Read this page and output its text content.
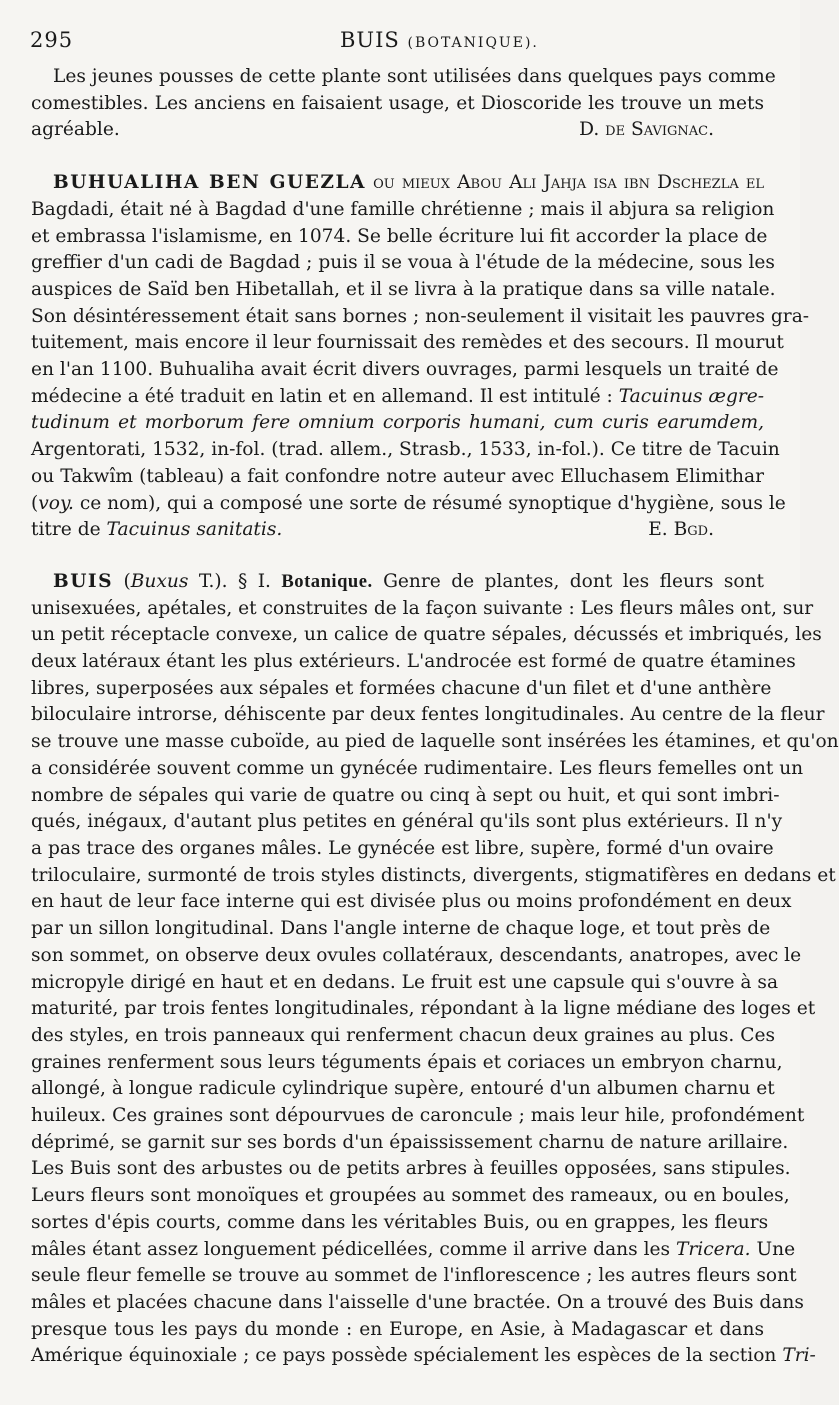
295	BUIS (BOTANIQUE).
Les jeunes pousses de cette plante sont utilisées dans quelques pays comme
comestibles. Les anciens en faisaient usage, et Dioscoride les trouve un mets
agréable.	D. de Savignac.
BUHUALIHA BEN GUEZLA ou mieux Abou Ali Jahja isa ibn Dschezla el
Bagdadi, était né à Bagdad d'une famille chrétienne ; mais il abjura sa religion
et embrassa l'islamisme, en 1074. Se belle écriture lui fit accorder la place de
greffier d'un cadi de Bagdad ; puis il se voua à l'étude de la médecine, sous les
auspices de Saïd ben Hibetallah, et il se livra à la pratique dans sa ville natale.
Son désintéressement était sans bornes ; non-seulement il visitait les pauvres gra-
tuitement, mais encore il leur fournissait des remèdes et des secours. Il mourut
en l'an 1100. Buhualiha avait écrit divers ouvrages, parmi lesquels un traité de
médecine a été traduit en latin et en allemand. Il est intitulé : Tacuinus ægre-
tudinum et morborum fere omnium corporis humani, cum curis earumdem,
Argentorati, 1532, in-fol. (trad. allem., Strasb., 1533, in-fol.). Ce titre de Tacuin
ou Takwîm (tableau) a fait confondre notre auteur avec Elluchasem Elimithar
(voy. ce nom), qui a composé une sorte de résumé synoptique d'hygiène, sous le
titre de Tacuinus sanitatis.	E. Bgd.
BUIS (Buxus T.). § I. Botanique. Genre de plantes, dont les fleurs sont
unisexuées, apétales, et construites de la façon suivante : Les fleurs mâles ont, sur
un petit réceptacle convexe, un calice de quatre sépales, décussés et imbriqués, les
deux latéraux étant les plus extérieurs. L'androcée est formé de quatre étamines
libres, superposées aux sépales et formées chacune d'un filet et d'une anthère
biloculaire introrse, déhiscente par deux fentes longitudinales. Au centre de la fleur
se trouve une masse cuboïde, au pied de laquelle sont insérées les étamines, et qu'on
a considérée souvent comme un gynécée rudimentaire. Les fleurs femelles ont un
nombre de sépales qui varie de quatre ou cinq à sept ou huit, et qui sont imbri-
qués, inégaux, d'autant plus petites en général qu'ils sont plus extérieurs. Il n'y
a pas trace des organes mâles. Le gynécée est libre, supère, formé d'un ovaire
triloculaire, surmonté de trois styles distincts, divergents, stigmatifères en dedans et
en haut de leur face interne qui est divisée plus ou moins profondément en deux
par un sillon longitudinal. Dans l'angle interne de chaque loge, et tout près de
son sommet, on observe deux ovules collatéraux, descendants, anatropes, avec le
micropyle dirigé en haut et en dedans. Le fruit est une capsule qui s'ouvre à sa
maturité, par trois fentes longitudinales, répondant à la ligne médiane des loges et
des styles, en trois panneaux qui renferment chacun deux graines au plus. Ces
graines renferment sous leurs téguments épais et coriaces un embryon charnu,
allongé, à longue radicule cylindrique supère, entouré d'un albumen charnu et
huileux. Ces graines sont dépourvues de caroncule ; mais leur hile, profondément
déprimé, se garnit sur ses bords d'un épaississement charnu de nature arillaire.
Les Buis sont des arbustes ou de petits arbres à feuilles opposées, sans stipules.
Leurs fleurs sont monoïques et groupées au sommet des rameaux, ou en boules,
sortes d'épis courts, comme dans les véritables Buis, ou en grappes, les fleurs
mâles étant assez longuement pédicellées, comme il arrive dans les Tricera. Une
seule fleur femelle se trouve au sommet de l'inflorescence ; les autres fleurs sont
mâles et placées chacune dans l'aisselle d'une bractée. On a trouvé des Buis dans
presque tous les pays du monde : en Europe, en Asie, à Madagascar et dans
Amérique équinoxiale ; ce pays possède spécialement les espèces de la section Tri-
